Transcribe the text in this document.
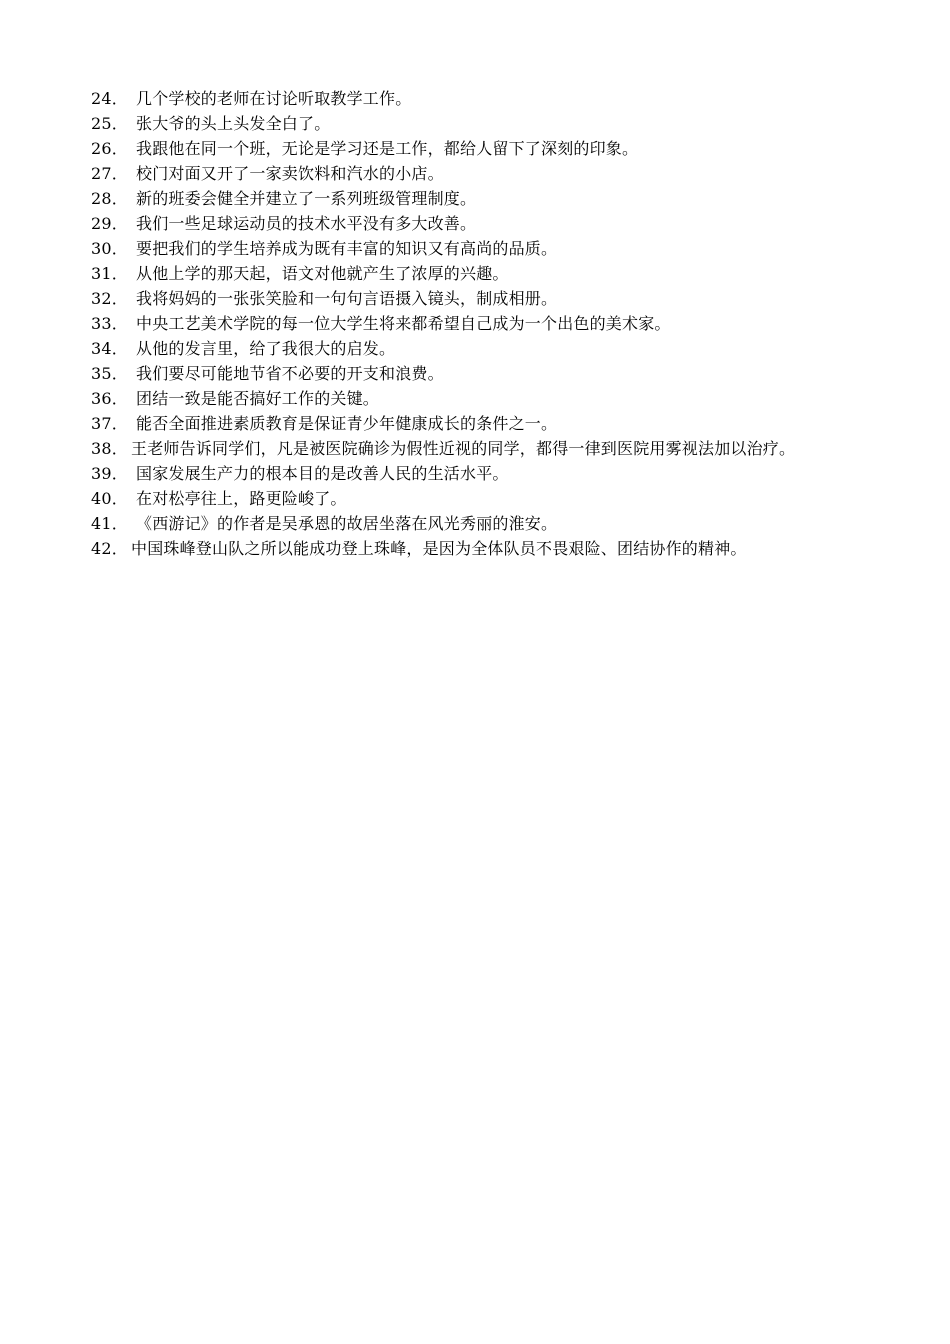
24． 几个学校的老师在讨论听取教学工作。
25． 张大爷的头上头发全白了。
26． 我跟他在同一个班，无论是学习还是工作，都给人留下了深刻的印象。
27． 校门对面又开了一家卖饮料和汽水的小店。
28． 新的班委会健全并建立了一系列班级管理制度。
29． 我们一些足球运动员的技术水平没有多大改善。
30． 要把我们的学生培养成为既有丰富的知识又有高尚的品质。
31． 从他上学的那天起，语文对他就产生了浓厚的兴趣。
32． 我将妈妈的一张张笑脸和一句句言语摄入镜头，制成相册。
33． 中央工艺美术学院的每一位大学生将来都希望自己成为一个出色的美术家。
34． 从他的发言里，给了我很大的启发。
35． 我们要尽可能地节省不必要的开支和浪费。
36． 团结一致是能否搞好工作的关键。
37． 能否全面推进素质教育是保证青少年健康成长的条件之一。
38． 王老师告诉同学们，凡是被医院确诊为假性近视的同学，都得一律到医院用雾视法加以治疗。
39． 国家发展生产力的根本目的是改善人民的生活水平。
40． 在对松亭往上，路更险峻了。
41． 《西游记》的作者是吴承恩的故居坐落在风光秀丽的淮安。
42． 中国珠峰登山队之所以能成功登上珠峰，是因为全体队员不畏艰险、团结协作的精神。
